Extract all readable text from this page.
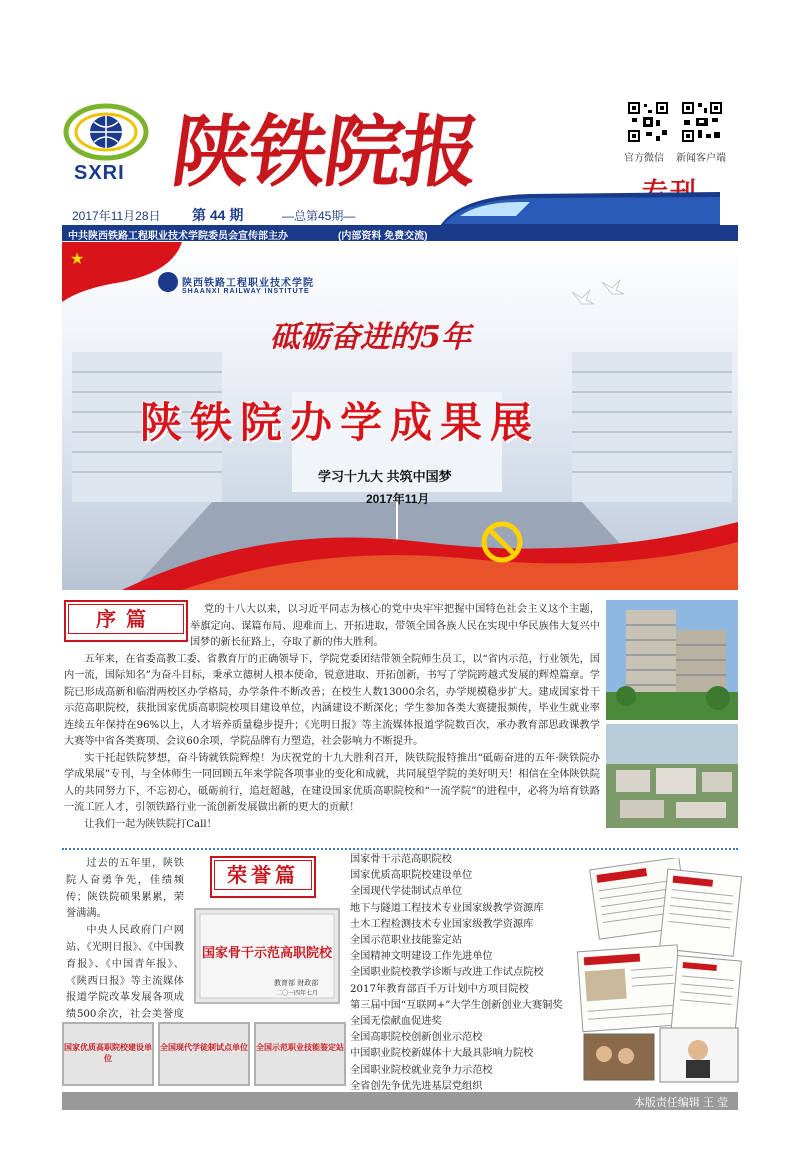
SXRI 陕铁院报	官方微信 新闻客户端
2017年11月28日 第 44 期	—总第45期—
中共陕西铁路工程职业技术学院委员会宣传部主办	(内部资料 免费交流)
★
陕西铁路工程职业技术学院
SHAANXI RAILWAY INSTITUTE
砥砺奋进的5年
陕铁院办学成果展
学习十九大 共筑中国梦
2017年11月
序篇	党的十八大以来，以习近平同志为核心的党中央牢牢把握中国特色社会主义这个主题，举旗定向、谋篇布局、迎难而上、开拓进取，带领全国各族人民在实现中华民族伟大复兴中国梦的新长征路上，夺取了新的伟大胜利。

五年来，在省委高教工委、省教育厅的正确领导下，学院党委团结带领全院师生员工，以“省内示范，行业领先，国内一流，国际知名”为奋斗目标，秉承立德树人根本使命，锐意进取、开拓创新，书写了学院跨越式发展的辉煌篇章。学院已形成高新和临渭两校区办学格局，办学条件不断改善；在校生人数13000余名，办学规模稳步扩大。建成国家骨干示范高职院校，获批国家优质高职院校项目建设单位，内涵建设不断深化；学生参加各类大赛捷报频传，毕业生就业率连续五年保持在96%以上，人才培养质量稳步提升；《光明日报》等主流媒体报道学院数百次，承办教育部思政课教学大赛等中省各类赛项、会议60余项，学院品牌有力塑造，社会影响力不断提升。

实干托起铁院梦想，奋斗铸就铁院辉煌！为庆祝党的十九大胜利召开，陕铁院报特推出“砥砺奋进的五年·陕铁院办学成果展”专刊，与全体师生一同回顾五年来学院各项事业的变化和成就，共同展望学院的美好明天！相信在全体陕铁院人的共同努力下，不忘初心，砥砺前行，追赶超越，在建设国家优质高职院校和“一流学院”的进程中，必将为培育铁路一流工匠人才，引领铁路行业一流创新发展做出新的更大的贡献！

让我们一起为陕铁院打Call！

过去的五年里，陕铁院人奋勇争先，佳绩频传；陕铁院硕果累累，荣誉满满。

中央人民政府门户网站、《光明日报》、《中国教育报》、《中国青年报》、《陕西日报》等主流媒体报道学院改革发展各项成绩500余次，社会美誉度

荣誉篇
国家骨干示范高职院校
教育部 财政部
二〇一四年七月
国家优质高职院校建设单位
全国现代学徒制试点单位 全国示范职业技能鉴定站
国家骨干示范高职院校
国家优质高职院校建设单位
全国现代学徒制试点单位
地下与隧道工程技术专业国家级教学资源库
土木工程检测技术专业国家级教学资源库
全国示范职业技能鉴定站
全国精神文明建设工作先进单位
全国职业院校教学诊断与改进工作试点院校
2017年教育部百千万计划中方项目院校
第三届中国“互联网+”大学生创新创业大赛铜奖
全国无偿献血促进奖
全国高职院校创新创业示范校
中国职业院校新媒体十大最具影响力院校
全国职业院校就业竞争力示范校
全省创先争优先进基层党组织
本版责任编辑 王 莹
